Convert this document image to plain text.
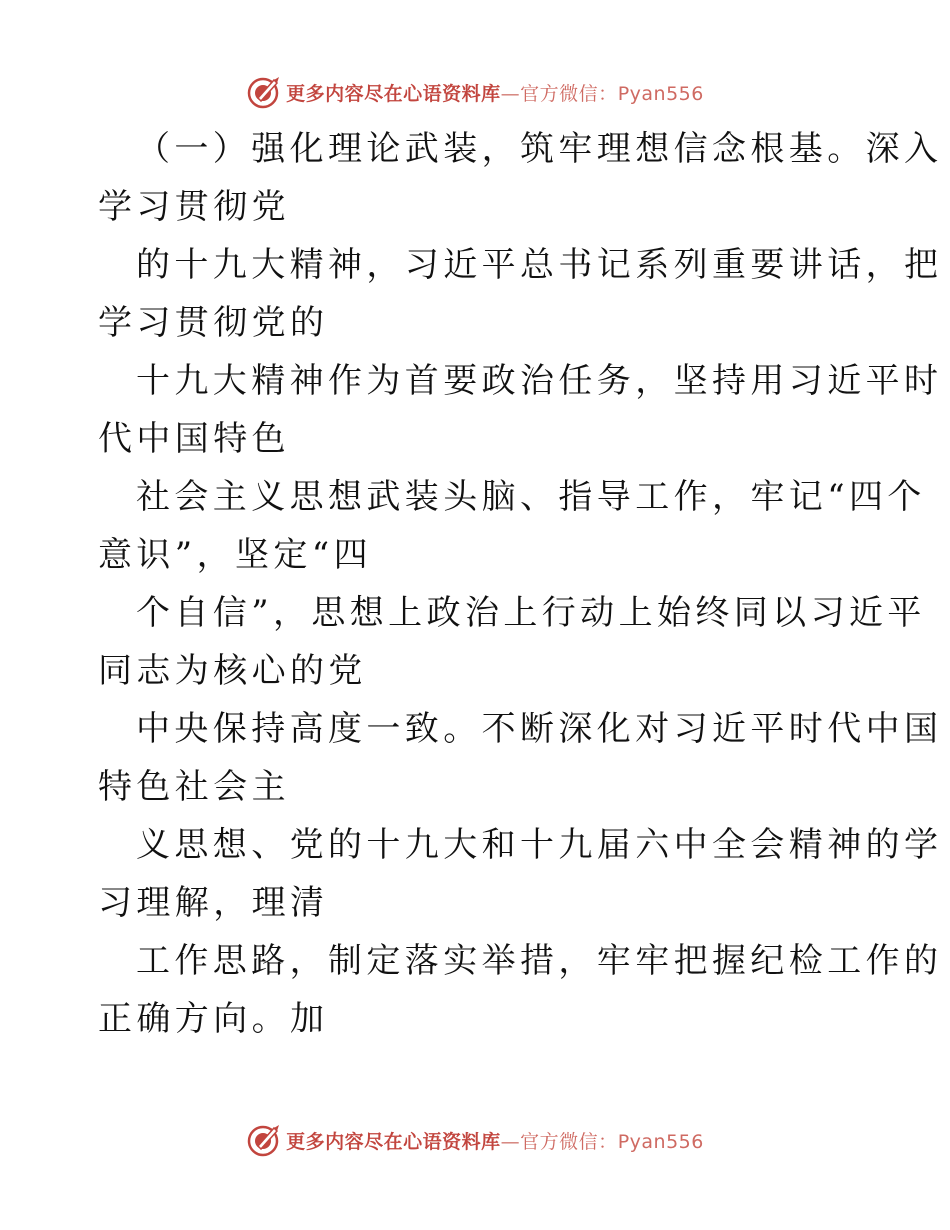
更多内容尽在心语资料库—官方微信：Pyan556
（一）强化理论武装，筑牢理想信念根基。深入
学习贯彻党
的十九大精神，习近平总书记系列重要讲话，把
学习贯彻党的
十九大精神作为首要政治任务，坚持用习近平时
代中国特色
社会主义思想武装头脑、指导工作，牢记“四个
意识”，坚定“四
个自信”，思想上政治上行动上始终同以习近平
同志为核心的党
中央保持高度一致。不断深化对习近平时代中国
特色社会主
义思想、党的十九大和十九届六中全会精神的学
习理解，理清
工作思路，制定落实举措，牢牢把握纪检工作的
正确方向。加
更多内容尽在心语资料库—官方微信：Pyan556
